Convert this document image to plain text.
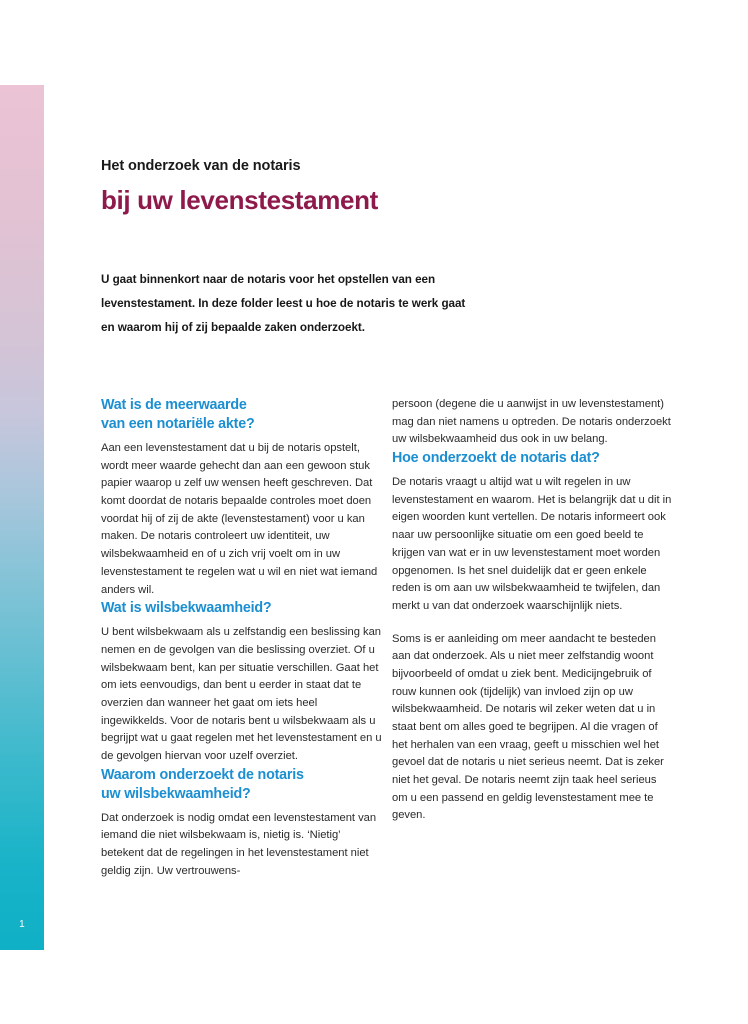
1
Het onderzoek van de notaris
bij uw levenstestament
U gaat binnenkort naar de notaris voor het opstellen van een
levenstestament. In deze folder leest u hoe de notaris te werk gaat
en waarom hij of zij bepaalde zaken onderzoekt.
Wat is de meerwaarde
van een notariële akte?

Aan een levenstestament dat u bij de notaris opstelt, wordt meer waarde gehecht dan aan een gewoon stuk papier waarop u zelf uw wensen heeft geschreven. Dat komt doordat de notaris bepaalde controles moet doen voordat hij of zij de akte (levenstestament) voor u kan maken. De notaris controleert uw identiteit, uw wilsbekwaamheid en of u zich vrij voelt om in uw levenstestament te regelen wat u wil en niet wat iemand anders wil.

Wat is wilsbekwaamheid?

U bent wilsbekwaam als u zelfstandig een beslissing kan nemen en de gevolgen van die beslissing overziet. Of u wilsbekwaam bent, kan per situatie verschillen. Gaat het om iets eenvoudigs, dan bent u eerder in staat dat te overzien dan wanneer het gaat om iets heel ingewikkelds. Voor de notaris bent u wilsbekwaam als u begrijpt wat u gaat regelen met het levenstestament en u de gevolgen hiervan voor uzelf overziet.

Waarom onderzoekt de notaris
uw wilsbekwaamheid?

Dat onderzoek is nodig omdat een levenstestament van iemand die niet wilsbekwaam is, nietig is. ‘Nietig’ betekent dat de regelingen in het levenstestament niet geldig zijn. Uw vertrouwens-

persoon (degene die u aanwijst in uw levenstestament) mag dan niet namens u optreden. De notaris onderzoekt uw wilsbekwaamheid dus ook in uw belang.

Hoe onderzoekt de notaris dat?

De notaris vraagt u altijd wat u wilt regelen in uw levenstestament en waarom. Het is belangrijk dat u dit in eigen woorden kunt vertellen. De notaris informeert ook naar uw persoonlijke situatie om een goed beeld te krijgen van wat er in uw levenstestament moet worden opgenomen. Is het snel duidelijk dat er geen enkele reden is om aan uw wilsbekwaamheid te twijfelen, dan merkt u van dat onderzoek waarschijnlijk niets.

Soms is er aanleiding om meer aandacht te besteden aan dat onderzoek. Als u niet meer zelfstandig woont bijvoorbeeld of omdat u ziek bent. Medicijngebruik of rouw kunnen ook (tijdelijk) van invloed zijn op uw wilsbekwaamheid. De notaris wil zeker weten dat u in staat bent om alles goed te begrijpen. Al die vragen of het herhalen van een vraag, geeft u misschien wel het gevoel dat de notaris u niet serieus neemt. Dat is zeker niet het geval. De notaris neemt zijn taak heel serieus om u een passend en geldig levenstestament mee te geven.
